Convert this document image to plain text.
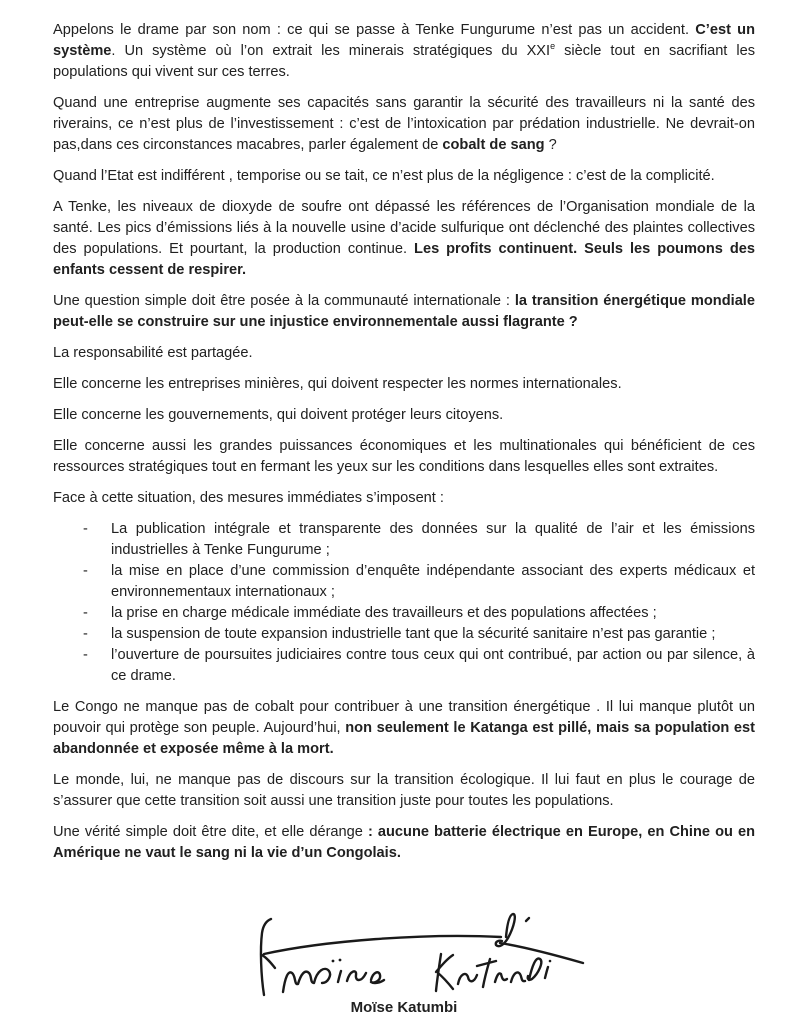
Appelons le drame par son nom : ce qui se passe à Tenke Fungurume n’est pas un accident. C’est un système. Un système où l’on extrait les minerais stratégiques du XXIe siècle tout en sacrifiant les populations qui vivent sur ces terres.

Quand une entreprise augmente ses capacités sans garantir la sécurité des travailleurs ni la santé des riverains, ce n’est plus de l’investissement : c’est de l’intoxication par prédation industrielle. Ne devrait-on pas,dans ces circonstances macabres, parler également de cobalt de sang ?

Quand l’Etat est indifférent , temporise ou se tait, ce n’est plus de la négligence : c’est de la complicité.

A Tenke, les niveaux de dioxyde de soufre ont dépassé les références de l’Organisation mondiale de la santé. Les pics d’émissions liés à la nouvelle usine d’acide sulfurique ont déclenché des plaintes collectives des populations. Et pourtant, la production continue. Les profits continuent. Seuls les poumons des enfants cessent de respirer.

Une question simple doit être posée à la communauté internationale : la transition énergétique mondiale peut-elle se construire sur une injustice environnementale aussi flagrante ?

La responsabilité est partagée.

Elle concerne les entreprises minières, qui doivent respecter les normes internationales.

Elle concerne les gouvernements, qui doivent protéger leurs citoyens.

Elle concerne aussi les grandes puissances économiques et les multinationales qui bénéficient de ces ressources stratégiques tout en fermant les yeux sur les conditions dans lesquelles elles sont extraites.

Face à cette situation, des mesures immédiates s’imposent :

-	La publication intégrale et transparente des données sur la qualité de l’air et les émissions industrielles à Tenke Fungurume ;
-	la mise en place d’une commission d’enquête indépendante associant des experts médicaux et environnementaux internationaux ;
-	la prise en charge médicale immédiate des travailleurs et des populations affectées ;
-	la suspension de toute expansion industrielle tant que la sécurité sanitaire n’est pas garantie ;
-	l’ouverture de poursuites judiciaires contre tous ceux qui ont contribué, par action ou par silence, à ce drame.

Le Congo ne manque pas de cobalt pour contribuer à une transition énergétique . Il lui manque plutôt un pouvoir qui protège son peuple. Aujourd’hui, non seulement le Katanga est pillé, mais sa population est abandonnée et exposée même à la mort.

Le monde, lui, ne manque pas de discours sur la transition écologique. Il lui faut en plus le courage de s’assurer que cette transition soit aussi une transition juste pour toutes les populations.

Une vérité simple doit être dite, et elle dérange : aucune batterie électrique en Europe, en Chine ou en Amérique ne vaut le sang ni la vie d’un Congolais.

Moïse Katumbi
